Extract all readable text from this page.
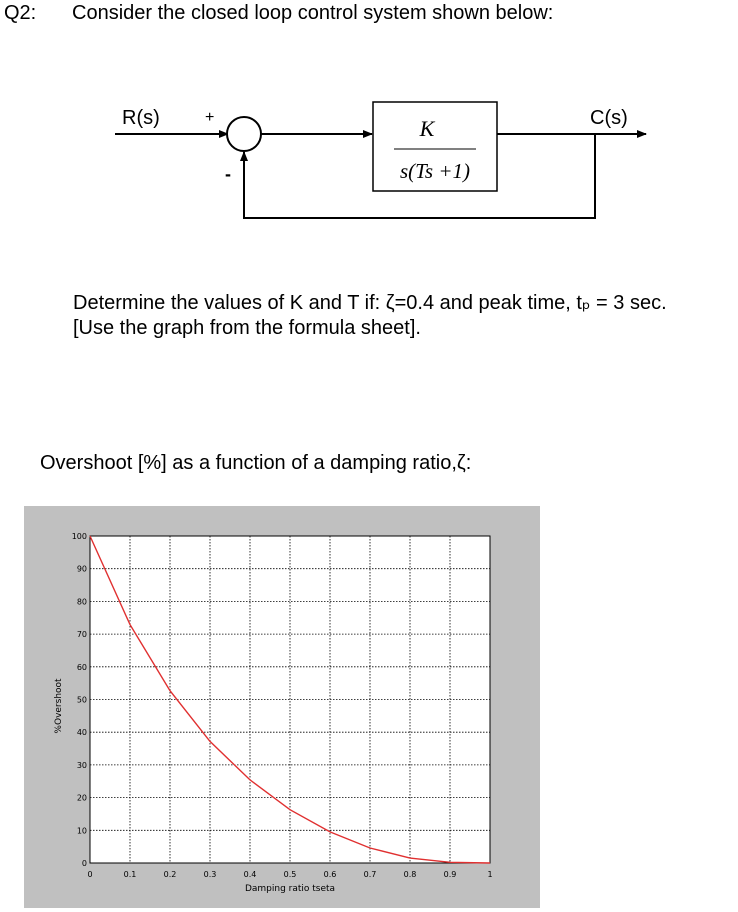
Q2: Consider the closed loop control system shown below:
R(s)	C(s)
+
-
K
s(Ts +1)
Determine the values of K and T if: ζ=0.4 and peak time, tₚ = 3 sec.
[Use the graph from the formula sheet].
Overshoot [%] as a function of a damping ratio,ζ:
0	0.1	0.2	0.3	0.4	0.5	0.6	0.7	0.8	0.9	1
0
10
20
30
40
50
60
70
80
90
100
Damping ratio tseta
%Overshoot
